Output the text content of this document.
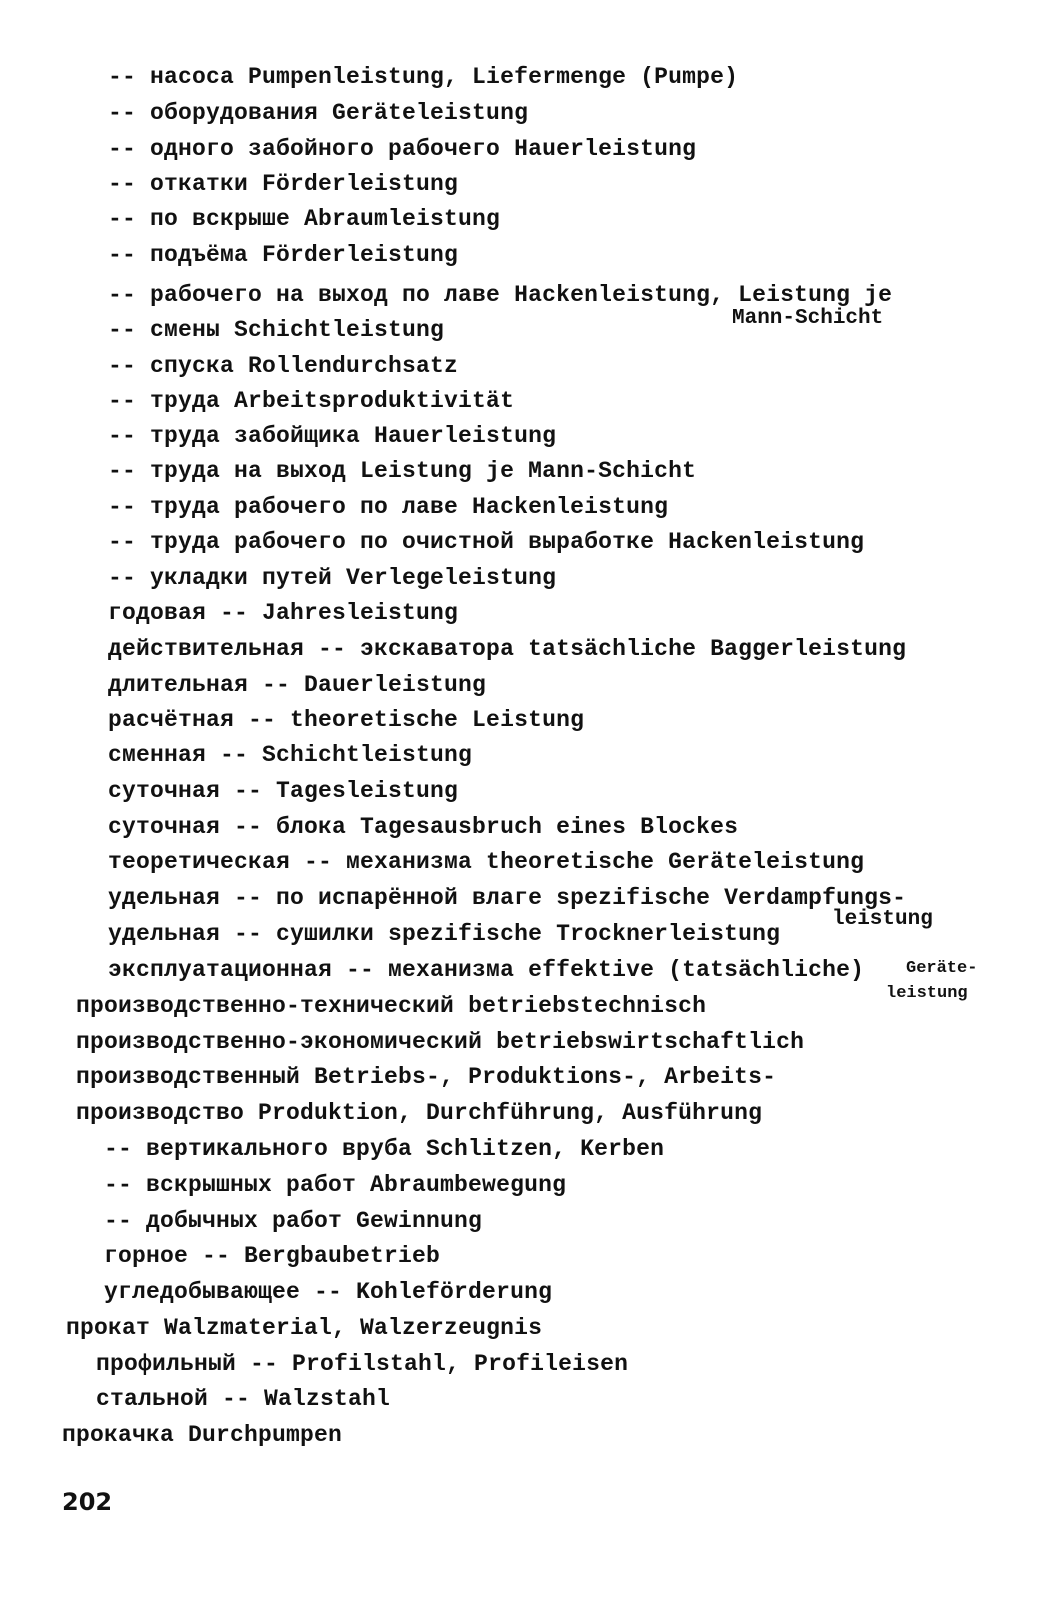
-- насоса Pumpenleistung, Liefermenge (Pumpe)
-- оборудования Geräteleistung
-- одного забойного рабочего Hauerleistung
-- откатки Förderleistung
-- по вскрыше Abraumleistung
-- подъёма Förderleistung
-- рабочего на выход по лаве Hackenleistung, Leistung je
Mann-Schicht
-- смены Schichtleistung
-- спуска Rollendurchsatz
-- труда Arbeitsproduktivität
-- труда забойщика Hauerleistung
-- труда на выход Leistung je Mann-Schicht
-- труда рабочего по лаве Hackenleistung
-- труда рабочего по очистной выработке Hackenleistung
-- укладки путей Verlegeleistung
годовая -- Jahresleistung
действительная -- экскаватора tatsächliche Baggerleistung
длительная -- Dauerleistung
расчётная -- theoretische Leistung
сменная -- Schichtleistung
суточная -- Tagesleistung
суточная -- блока Tagesausbruch eines Blockes
теоретическая -- механизма theoretische Geräteleistung
удельная -- по испарённой влаге spezifische Verdampfungs-
leistung
удельная -- сушилки spezifische Trocknerleistung
эксплуатационная -- механизма effektive (tatsächliche) Geräte-
leistung
производственно-технический betriebstechnisch
производственно-экономический betriebswirtschaftlich
производственный Betriebs-, Produktions-, Arbeits-
производство Produktion, Durchführung, Ausführung
-- вертикального вруба Schlitzen, Kerben
-- вскрышных работ Abraumbewegung
-- добычных работ Gewinnung
горное -- Bergbaubetrieb
угледобывающее -- Kohleförderung
прокат Walzmaterial, Walzerzeugnis
профильный -- Profilstahl, Profileisen
стальной -- Walzstahl
прокачка Durchpumpen
202
